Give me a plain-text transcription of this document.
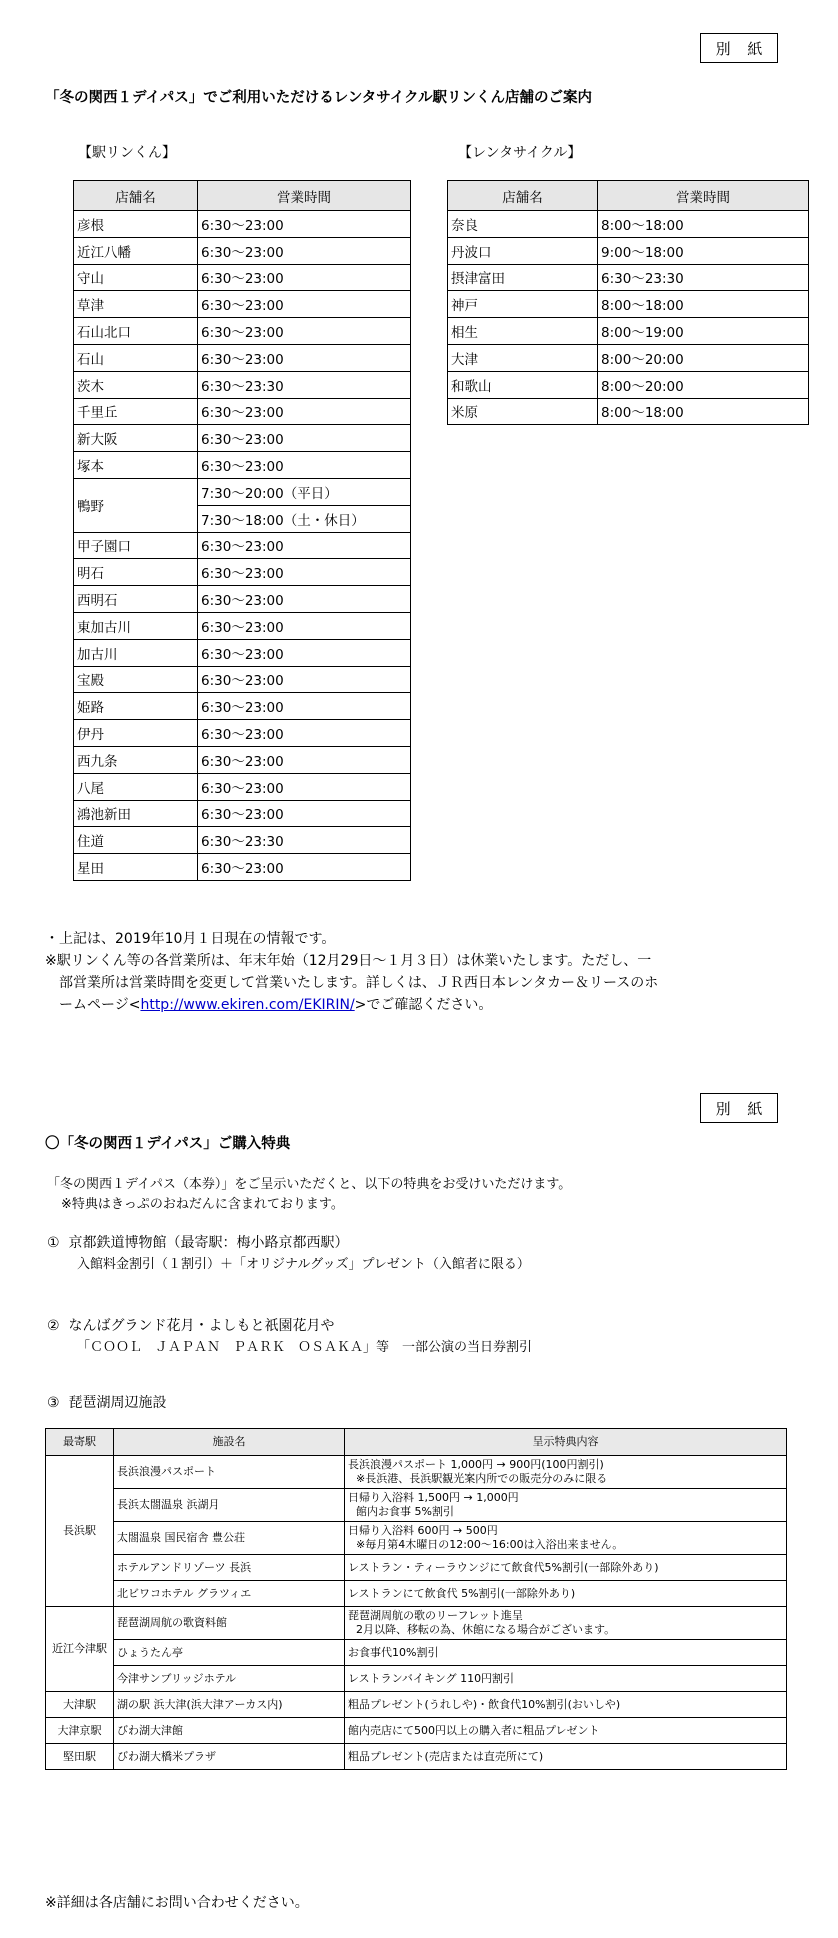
別 紙
「冬の関西１デイパス」でご利用いただけるレンタサイクル駅リンくん店舗のご案内
【駅リンくん】	【レンタサイクル】
店舗名	営業時間
彦根	6:30～23:00
近江八幡	6:30～23:00
守山	6:30～23:00
草津	6:30～23:00
石山北口	6:30～23:00
石山	6:30～23:00
茨木	6:30～23:30
千里丘	6:30～23:00
新大阪	6:30～23:00
塚本	6:30～23:00
鴨野	7:30～20:00（平日）
	7:30～18:00（土・休日）
甲子園口	6:30～23:00
明石	6:30～23:00
西明石	6:30～23:00
東加古川	6:30～23:00
加古川	6:30～23:00
宝殿	6:30～23:00
姫路	6:30～23:00
伊丹	6:30～23:00
西九条	6:30～23:00
八尾	6:30～23:00
鴻池新田	6:30～23:00
住道	6:30～23:30
星田	6:30～23:00
店舗名	営業時間
奈良	8:00～18:00
丹波口	9:00～18:00
摂津富田	6:30～23:30
神戸	8:00～18:00
相生	8:00～19:00
大津	8:00～20:00
和歌山	8:00～20:00
米原	8:00～18:00
・上記は、2019年10月１日現在の情報です。
※駅リンくん等の各営業所は、年末年始（12月29日～１月３日）は休業いたします。ただし、一
部営業所は営業時間を変更して営業いたします。詳しくは、ＪＲ西日本レンタカー＆リースのホ
ームページ<http://www.ekiren.com/EKIRIN/>でご確認ください。
別 紙
〇「冬の関西１デイパス」ご購入特典
「冬の関西１デイパス（本券）」をご呈示いただくと、以下の特典をお受けいただけます。
※特典はきっぷのおねだんに含まれております。
① 京都鉄道博物館（最寄駅：梅小路京都西駅）
入館料金割引（１割引）＋「オリジナルグッズ」プレゼント（入館者に限る）
② なんばグランド花月・よしもと祇園花月や
「ＣＯＯＬ　ＪＡＰＡＮ　ＰＡＲＫ　ＯＳＡＫＡ」等　一部公演の当日券割引
③ 琵琶湖周辺施設
最寄駅	施設名	呈示特典内容
長浜駅	長浜浪漫パスポート	長浜浪漫パスポート 1,000円 → 900円(100円割引)
※長浜港、長浜駅観光案内所での販売分のみに限る

	長浜太閤温泉 浜湖月	日帰り入浴料 1,500円 → 1,000円
館内お食事 5%割引

	太閤温泉 国民宿舎 豊公荘	日帰り入浴料 600円 → 500円
※毎月第4木曜日の12:00～16:00は入浴出来ません。

	ホテルアンドリゾーツ 長浜	レストラン・ティーラウンジにて飲食代5%割引(一部除外あり)

	北ビワコホテル グラツィエ	レストランにて飲食代 5%割引(一部除外あり)

近江今津駅	琵琶湖周航の歌資料館	琵琶湖周航の歌のリーフレット進呈
2月以降、移転の為、休館になる場合がございます。

	ひょうたん亭	お食事代10%割引

	今津サンブリッジホテル	レストランバイキング 110円割引

大津駅	湖の駅 浜大津(浜大津アーカス内)	粗品プレゼント(うれしや)・飲食代10%割引(おいしや)
大津京駅	びわ湖大津館	館内売店にて500円以上の購入者に粗品プレゼント
堅田駅	びわ湖大橋米プラザ	粗品プレゼント(売店または直売所にて)
※詳細は各店舗にお問い合わせください。
